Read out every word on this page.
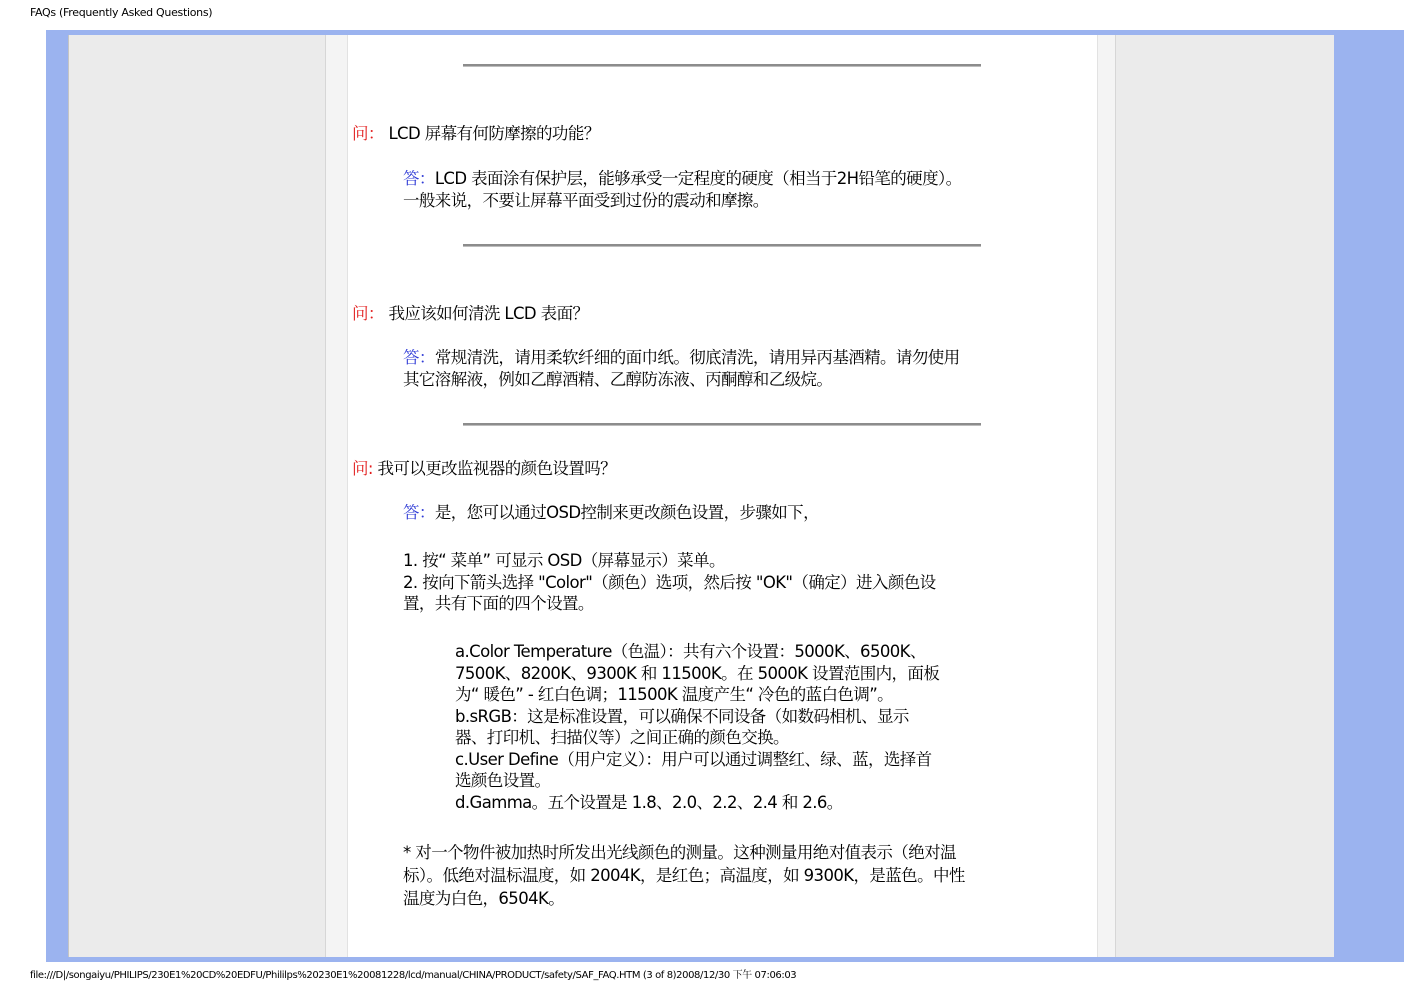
FAQs (Frequently Asked Questions)
问： LCD 屏幕有何防摩擦的功能？
答：LCD 表面涂有保护层，能够承受一定程度的硬度（相当于2H铅笔的硬度）。
一般来说，不要让屏幕平面受到过份的震动和摩擦。
问： 我应该如何清洗 LCD 表面？
答：常规清洗，请用柔软纤细的面巾纸。彻底清洗，请用异丙基酒精。请勿使用
其它溶解液，例如乙醇酒精、乙醇防冻液、丙酮醇和乙级烷。
问: 我可以更改监视器的颜色设置吗？
答：是，您可以通过OSD控制来更改颜色设置，步骤如下，
1. 按“ 菜单” 可显示 OSD（屏幕显示）菜单。
2. 按向下箭头选择 "Color"（颜色）选项，然后按 "OK"（确定）进入颜色设
置，共有下面的四个设置。
a.Color Temperature（色温）：共有六个设置：5000K、6500K、
7500K、8200K、9300K 和 11500K。在 5000K 设置范围内，面板
为“ 暖色” - 红白色调；11500K 温度产生“ 冷色的蓝白色调”。
b.sRGB：这是标准设置，可以确保不同设备（如数码相机、显示
器、打印机、扫描仪等）之间正确的颜色交换。
c.User Define（用户定义）：用户可以通过调整红、绿、蓝，选择首
选颜色设置。
d.Gamma。五个设置是 1.8、2.0、2.2、2.4 和 2.6。
* 对一个物件被加热时所发出光线颜色的测量。这种测量用绝对值表示（绝对温
标）。低绝对温标温度，如 2004K，是红色；高温度，如 9300K，是蓝色。中性
温度为白色，6504K。
file:///D|/songaiyu/PHILIPS/230E1%20CD%20EDFU/Phililps%20230E1%20081228/lcd/manual/CHINA/PRODUCT/safety/SAF_FAQ.HTM (3 of 8)2008/12/30 下午 07:06:03
